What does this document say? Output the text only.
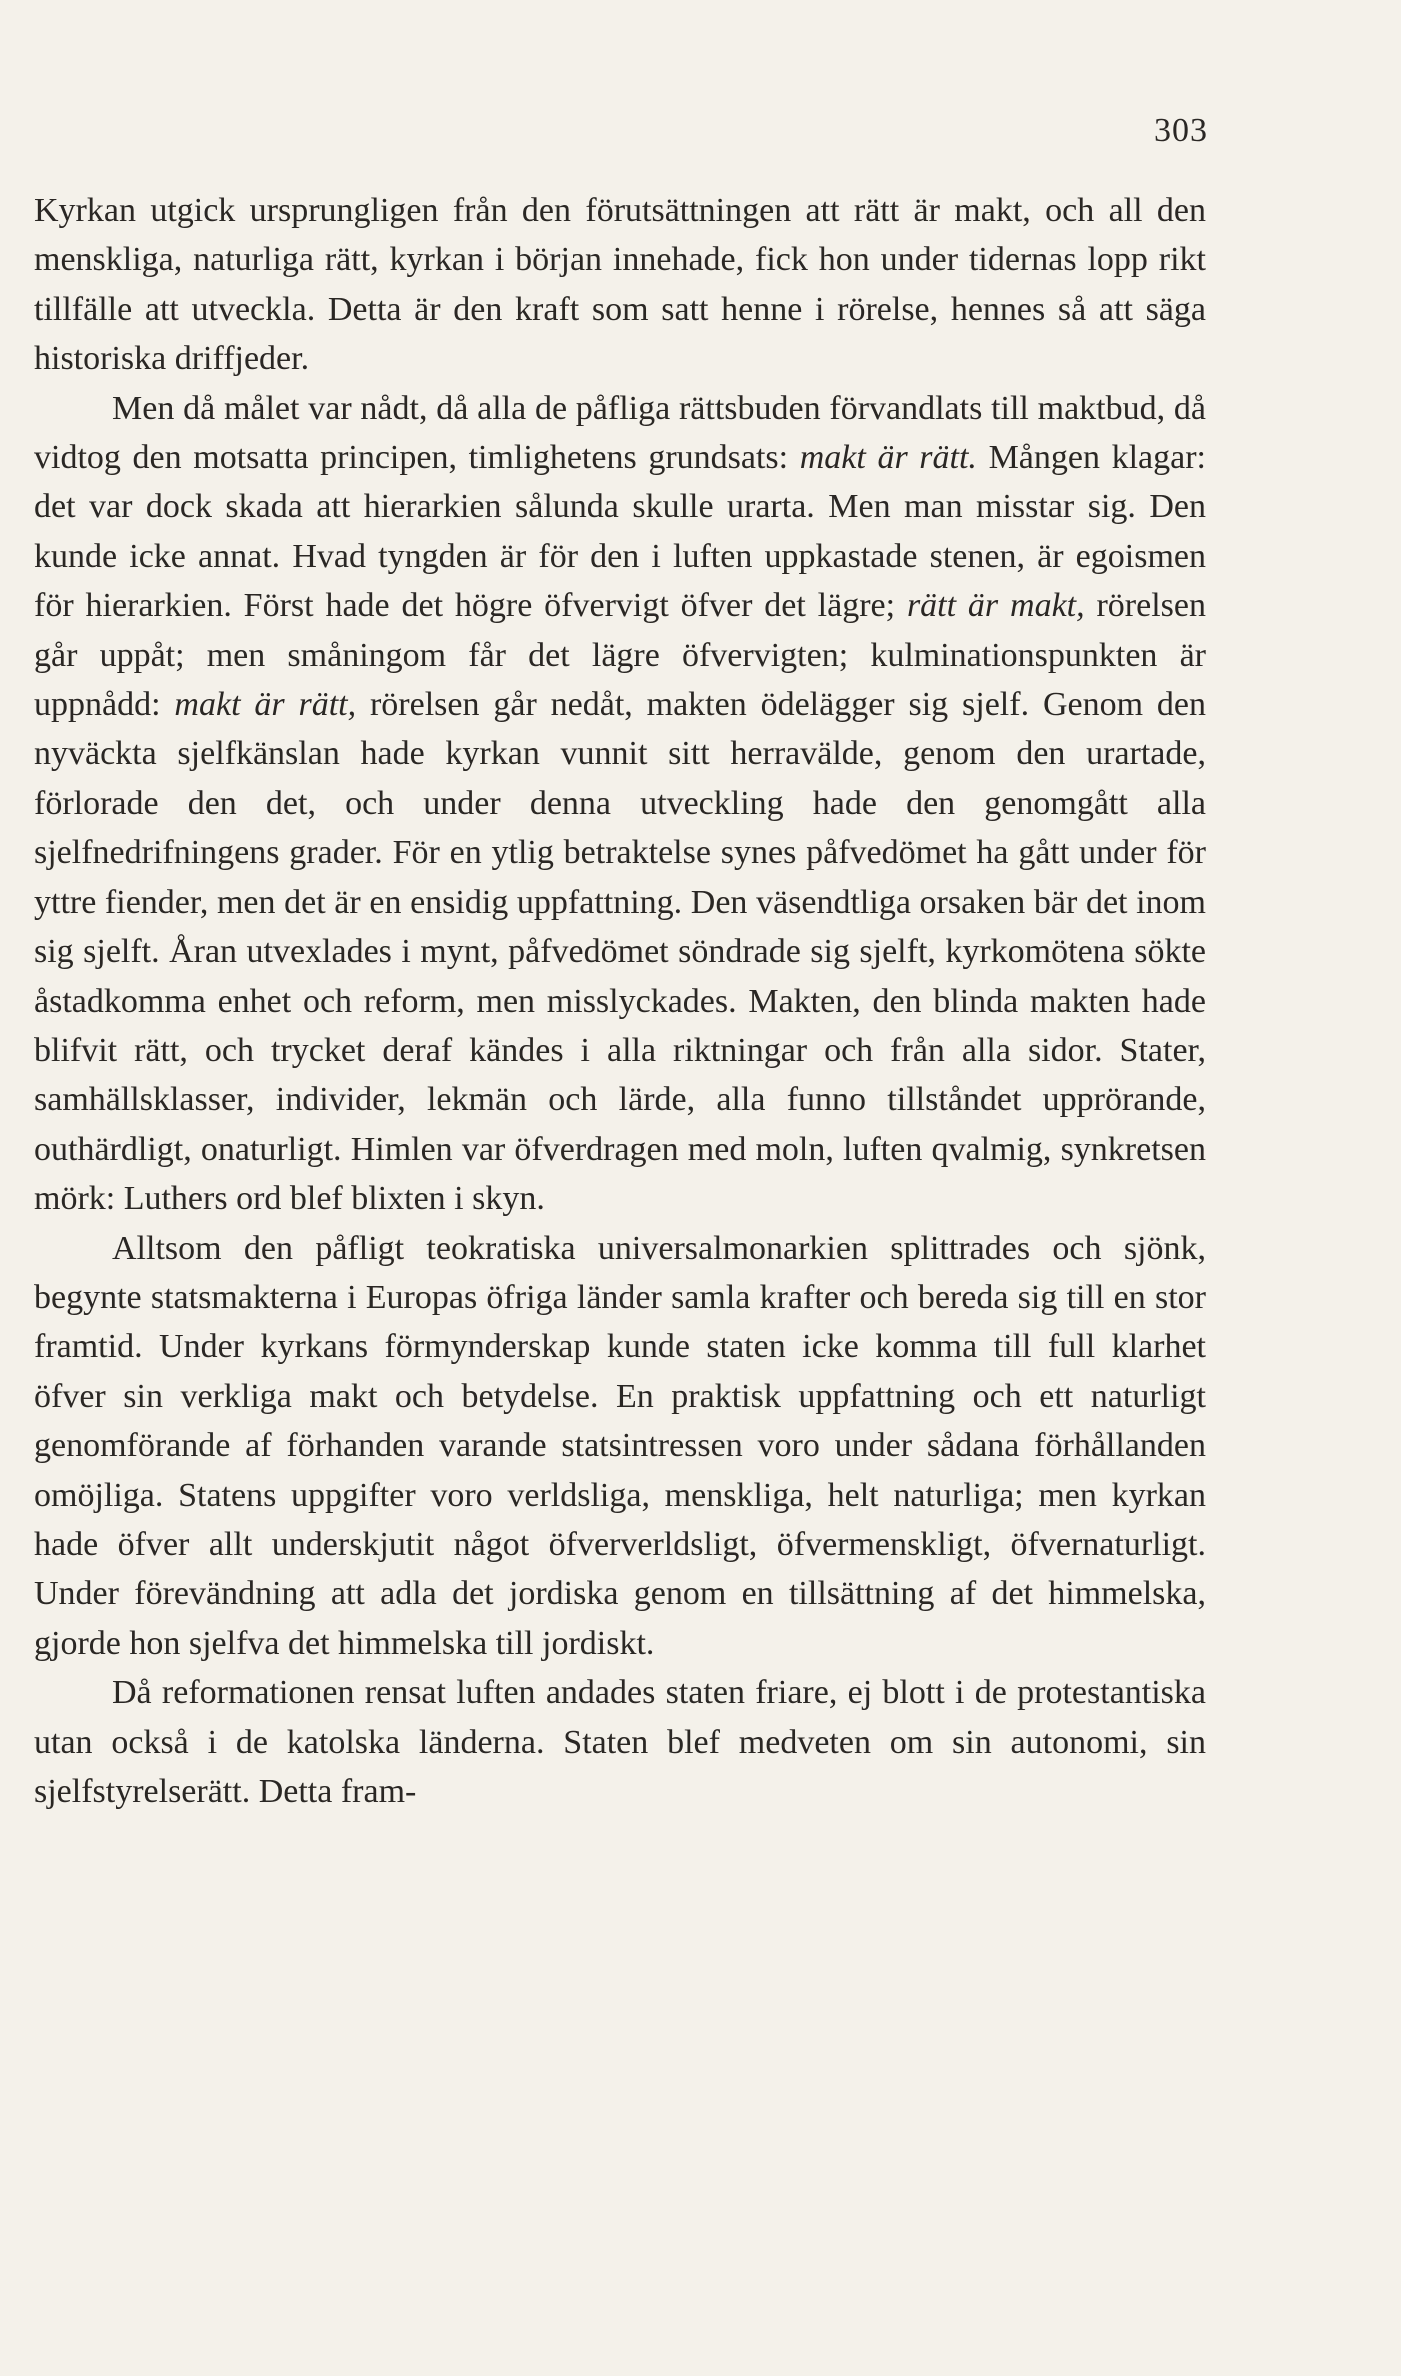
303

Kyrkan utgick ursprungligen från den förutsättningen att rätt är makt, och all den menskliga, naturliga rätt, kyrkan i början innehade, fick hon under tidernas lopp rikt tillfälle att utveckla. Detta är den kraft som satt henne i rörelse, hennes så att säga historiska driffjeder.

Men då målet var nådt, då alla de påfliga rättsbuden förvandlats till maktbud, då vidtog den motsatta principen, timlighetens grundsats: makt är rätt. Mången klagar: det var dock skada att hierarkien sålunda skulle urarta. Men man misstar sig. Den kunde icke annat. Hvad tyngden är för den i luften uppkastade stenen, är egoismen för hierarkien. Först hade det högre öfvervigt öfver det lägre; rätt är makt, rörelsen går uppåt; men småningom får det lägre öfvervigten; kulminationspunkten är uppnådd: makt är rätt, rörelsen går nedåt, makten ödelägger sig sjelf. Genom den nyväckta sjelfkänslan hade kyrkan vunnit sitt herravälde, genom den urartade, förlorade den det, och under denna utveckling hade den genomgått alla sjelfnedrifningens grader. För en ytlig betraktelse synes påfvedömet ha gått under för yttre fiender, men det är en ensidig uppfattning. Den väsendtliga orsaken bär det inom sig sjelft. Åran utvexlades i mynt, påfvedömet söndrade sig sjelft, kyrkomötena sökte åstadkomma enhet och reform, men misslyckades. Makten, den blinda makten hade blifvit rätt, och trycket deraf kändes i alla riktningar och från alla sidor. Stater, samhällsklasser, individer, lekmän och lärde, alla funno tillståndet upprörande, outhärdligt, onaturligt. Himlen var öfverdragen med moln, luften qvalmig, synkretsen mörk: Luthers ord blef blixten i skyn.

Alltsom den påfligt teokratiska universalmonarkien splittrades och sjönk, begynte statsmakterna i Europas öfriga länder samla krafter och bereda sig till en stor framtid. Under kyrkans förmynderskap kunde staten icke komma till full klarhet öfver sin verkliga makt och betydelse. En praktisk uppfattning och ett naturligt genomförande af förhanden varande statsintressen voro under sådana förhållanden omöjliga. Statens uppgifter voro verldsliga, menskliga, helt naturliga; men kyrkan hade öfver allt underskjutit något öfververldsligt, öfvermenskligt, öfvernaturligt. Under förevändning att adla det jordiska genom en tillsättning af det himmelska, gjorde hon sjelfva det himmelska till jordiskt.

Då reformationen rensat luften andades staten friare, ej blott i de protestantiska utan också i de katolska länderna. Staten blef medveten om sin autonomi, sin sjelfstyrelserätt. Detta fram-
